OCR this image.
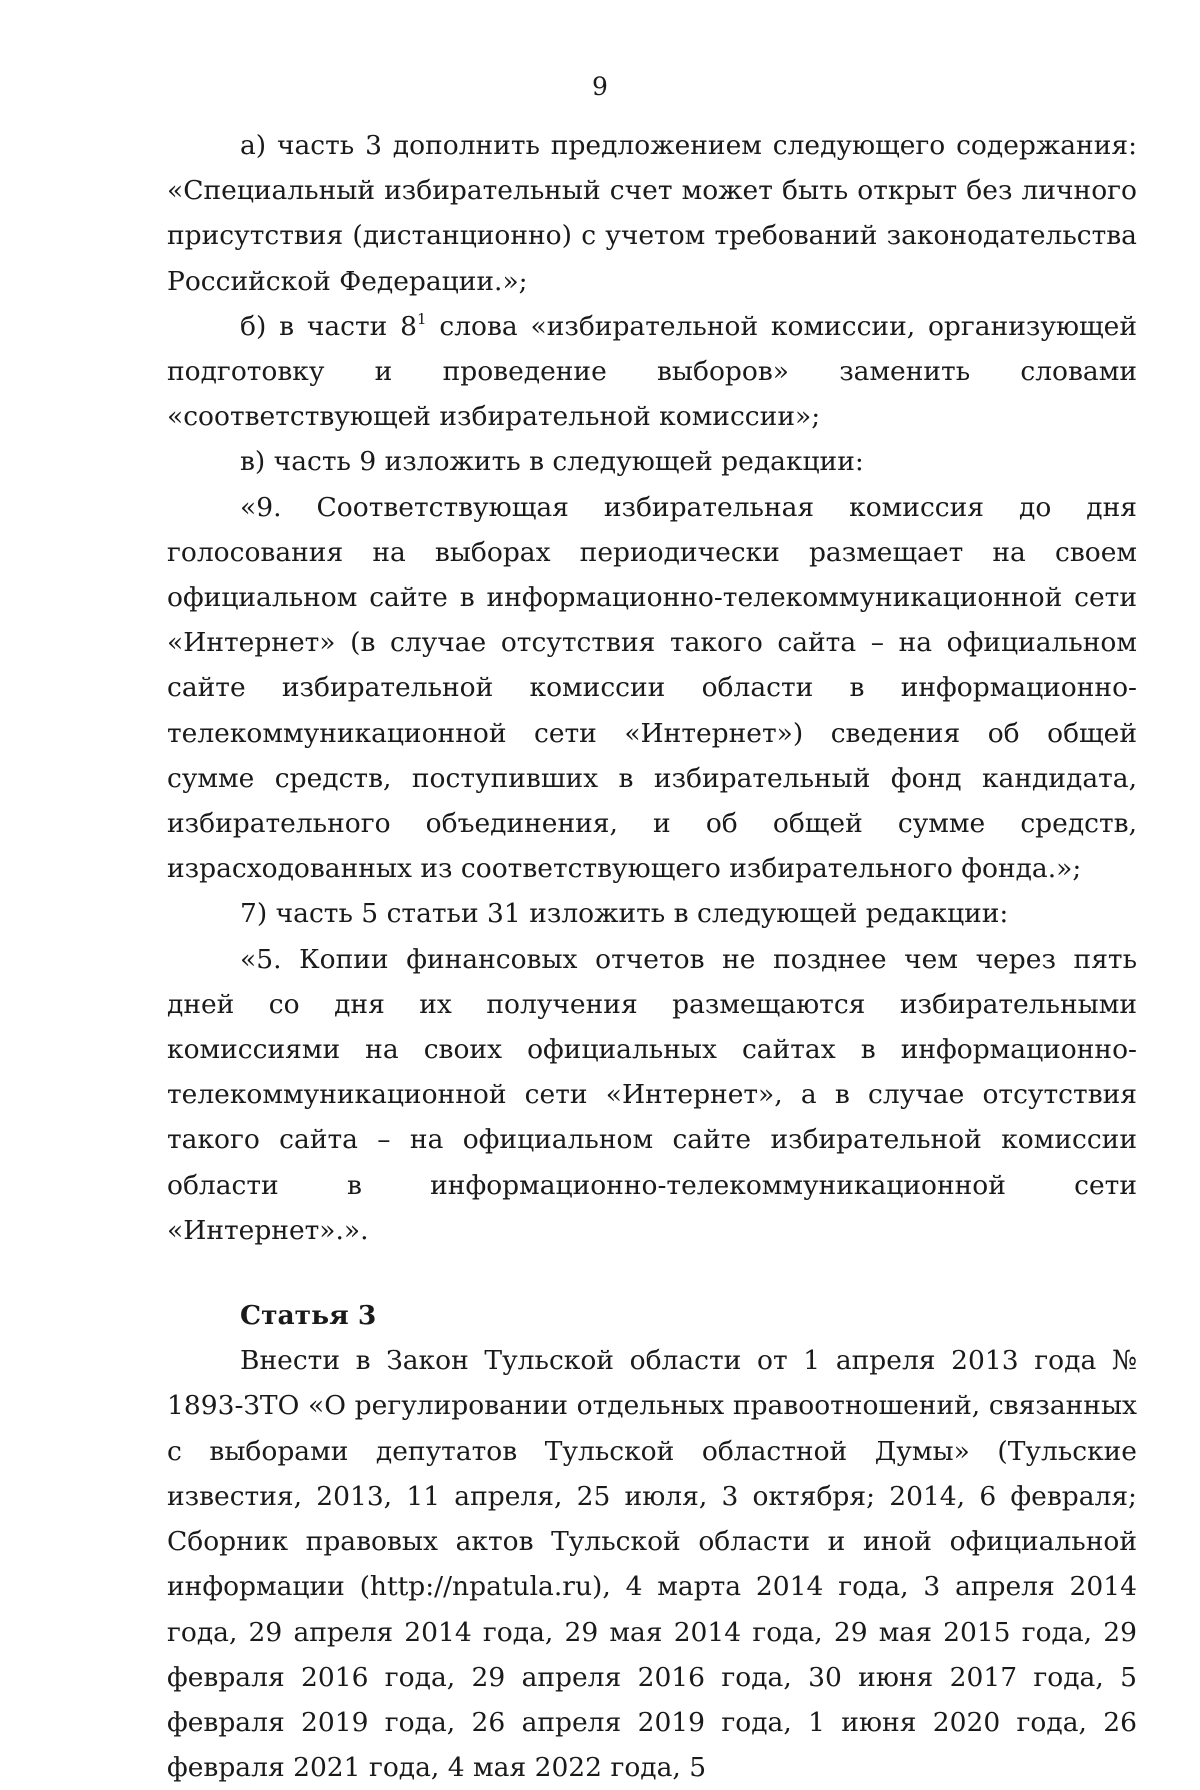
9

а) часть 3 дополнить предложением следующего содержания: «Специальный избирательный счет может быть открыт без личного присутствия (дистанционно) с учетом требований законодательства Российской Федерации.»;

б) в части $8^1$ слова «избирательной комиссии, организующей подготовку и проведение выборов» заменить словами «соответствующей избирательной комиссии»;

в) часть 9 изложить в следующей редакции:

«9. Соответствующая избирательная комиссия до дня голосования на выборах периодически размещает на своем официальном сайте в информационно-телекоммуникационной сети «Интернет» (в случае отсутствия такого сайта – на официальном сайте избирательной комиссии области в информационно-телекоммуникационной сети «Интернет») сведения об общей сумме средств, поступивших в избирательный фонд кандидата, избирательного объединения, и об общей сумме средств, израсходованных из соответствующего избирательного фонда.»;

7) часть 5 статьи 31 изложить в следующей редакции:

«5. Копии финансовых отчетов не позднее чем через пять дней со дня их получения размещаются избирательными комиссиями на своих официальных сайтах в информационно-телекоммуникационной сети «Интернет», а в случае отсутствия такого сайта – на официальном сайте избирательной комиссии области в информационно-телекоммуникационной сети «Интернет».».

Статья 3

Внести в Закон Тульской области от 1 апреля 2013 года № 1893-ЗТО «О регулировании отдельных правоотношений, связанных с выборами депутатов Тульской областной Думы» (Тульские известия, 2013, 11 апреля, 25 июля, 3 октября; 2014, 6 февраля; Сборник правовых актов Тульской области и иной официальной информации (http://npatula.ru), 4 марта 2014 года, 3 апреля 2014 года, 29 апреля 2014 года, 29 мая 2014 года, 29 мая 2015 года, 29 февраля 2016 года, 29 апреля 2016 года, 30 июня 2017 года, 5 февраля 2019 года, 26 апреля 2019 года, 1 июня 2020 года, 26 февраля 2021 года, 4 мая 2022 года, 5
